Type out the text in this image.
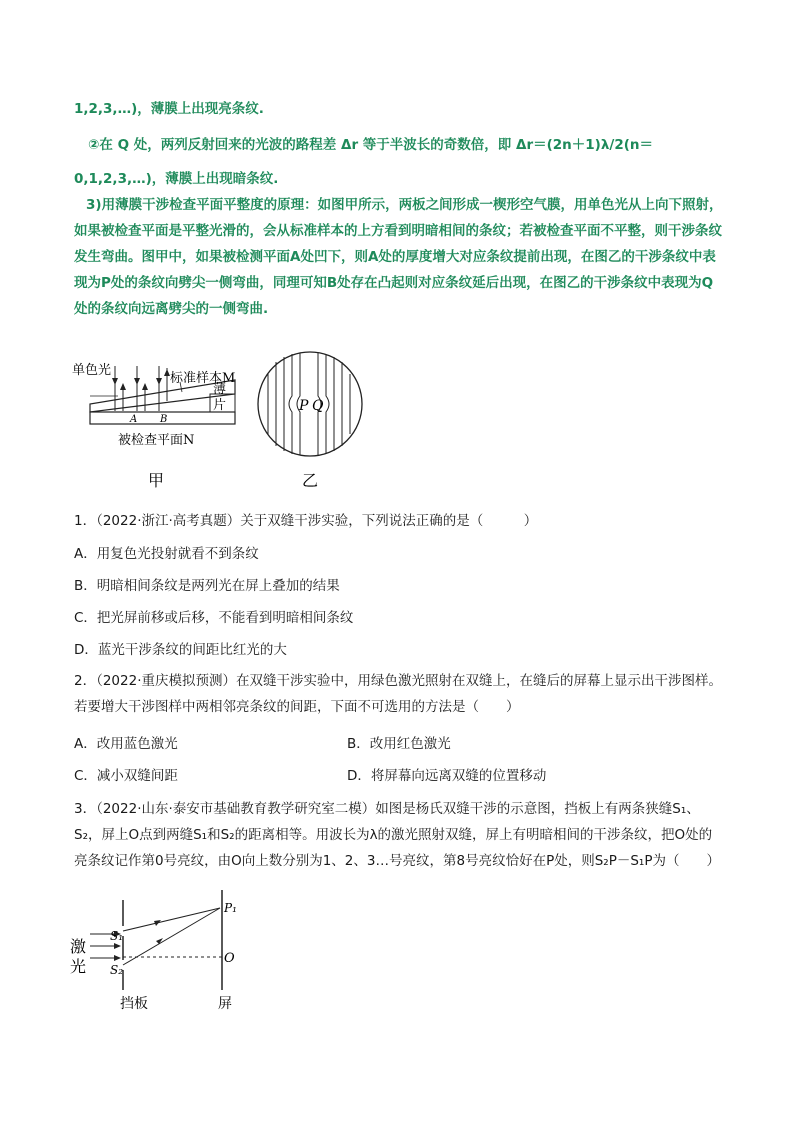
1,2,3,…)，薄膜上出现亮条纹.

②在 Q 处，两列反射回来的光波的路程差 Δr 等于半波长的奇数倍，即 Δr＝(2n＋1)λ/2(n＝

0,1,2,3,…)，薄膜上出现暗条纹.

3)用薄膜干涉检查平面平整度的原理：如图甲所示，两板之间形成一楔形空气膜，用单色光从上向下照射，如果被检查平面是平整光滑的，会从标准样本的上方看到明暗相间的条纹；若被检查平面不平整，则干涉条纹发生弯曲。图甲中，如果被检测平面A处凹下，则A处的厚度增大对应条纹提前出现，在图乙的干涉条纹中表现为P处的条纹向劈尖一侧弯曲，同理可知B处存在凸起则对应条纹延后出现，在图乙的干涉条纹中表现为Q处的条纹向远离劈尖的一侧弯曲.

单色光
标准样本M
薄
片
A B
被检查平面N
甲
P Q
乙

1．（2022·浙江·高考真题）关于双缝干涉实验，下列说法正确的是（　　　）

A．用复色光投射就看不到条纹

B．明暗相间条纹是两列光在屏上叠加的结果

C．把光屏前移或后移，不能看到明暗相间条纹

D．蓝光干涉条纹的间距比红光的大

2．（2022·重庆模拟预测）在双缝干涉实验中，用绿色激光照射在双缝上，在缝后的屏幕上显示出干涉图样。若要增大干涉图样中两相邻亮条纹的间距，下面不可选用的方法是（　　）

A．改用蓝色激光	B．改用红色激光

C．减小双缝间距	D．将屏幕向远离双缝的位置移动

3．（2022·山东·泰安市基础教育教学研究室二模）如图是杨氏双缝干涉的示意图，挡板上有两条狭缝S₁、S₂，屏上O点到两缝S₁和S₂的距离相等。用波长为λ的激光照射双缝，屏上有明暗相间的干涉条纹，把O处的亮条纹记作第0号亮纹，由O向上数分别为1、2、3…号亮纹，第8号亮纹恰好在P处，则S₂P－S₁P为（　　）

激
光
S₁
S₂
P₁
O
挡板	屏
